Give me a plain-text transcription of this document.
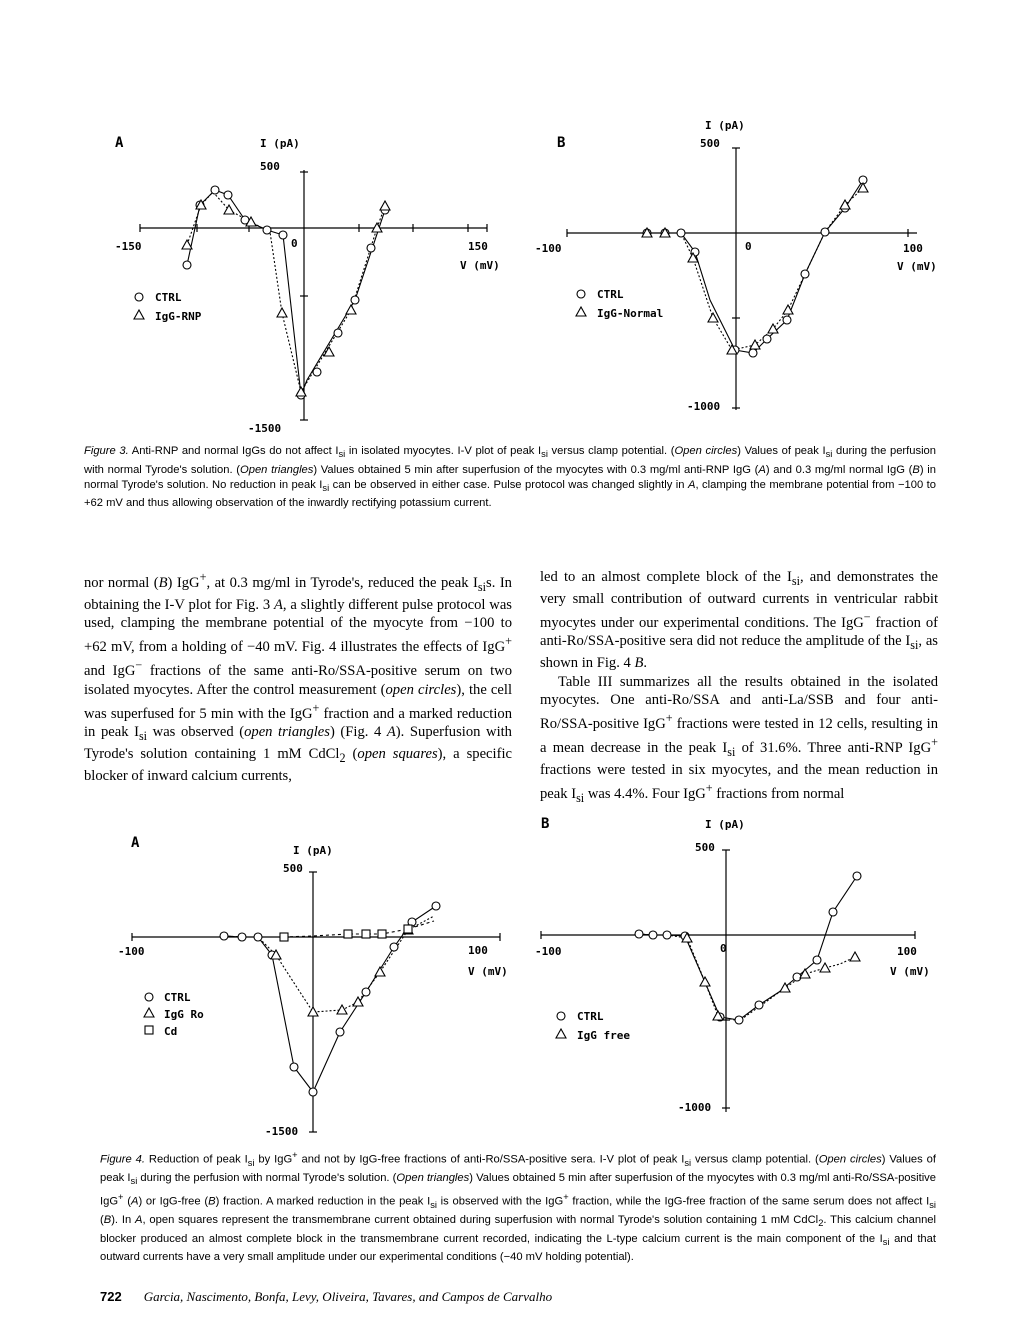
A	I (pA)
500
-1500
-150	0	150
V (mV)
CTRL
IgG-RNP
B
I (pA)
500
-1000
-100	0	100
V (mV)
CTRL
IgG-Normal

Figure 3. Anti-RNP and normal IgGs do not affect $I_{si}$ in isolated myocytes. I-V plot of peak $I_{si}$ versus clamp potential. (Open circles) Values of peak $I_{si}$ during the perfusion with normal Tyrode's solution. (Open triangles) Values obtained 5 min after superfusion of the myocytes with 0.3 mg/ml anti-RNP IgG (A) and 0.3 mg/ml normal IgG (B) in normal Tyrode's solution. No reduction in peak $I_{si}$ can be observed in either case. Pulse protocol was changed slightly in A, clamping the membrane potential from −100 to +62 mV and thus allowing observation of the inwardly rectifying potassium current.

nor normal (B) IgG+, at 0.3 mg/ml in Tyrode's, reduced the peak $I_{si}s$. In obtaining the I-V plot for Fig. 3 A, a slightly different pulse protocol was used, clamping the membrane potential of the myocyte from −100 to +62 mV, from a holding of −40 mV. Fig. 4 illustrates the effects of IgG+ and IgG− fractions of the same anti-Ro/SSA-positive serum on two isolated myocytes. After the control measurement (open circles), the cell was superfused for 5 min with the IgG+ fraction and a marked reduction in peak $I_{si}$ was observed (open triangles) (Fig. 4 A). Superfusion with Tyrode's solution containing 1 mM CdCl$_2$ (open squares), a specific blocker of inward calcium currents,

led to an almost complete block of the $I_{si}$, and demonstrates the very small contribution of outward currents in ventricular rabbit myocytes under our experimental conditions. The IgG− fraction of anti-Ro/SSA-positive sera did not reduce the amplitude of the $I_{si}$, as shown in Fig. 4 B.

Table III summarizes all the results obtained in the isolated myocytes. One anti-Ro/SSA and anti-La/SSB and four anti-Ro/SSA-positive IgG+ fractions were tested in 12 cells, resulting in a mean decrease in the peak $I_{si}$ of 31.6%. Three anti-RNP IgG+ fractions were tested in six myocytes, and the mean reduction in peak $I_{si}$ was 4.4%. Four IgG+ fractions from normal

A	I (pA)
500
-1500
-100	100
V (mV)
CTRL
IgG Ro
Cd
B	I (pA)
500
-1000
-100	0	100
V (mV)
CTRL
IgG free

Figure 4. Reduction of peak $I_{si}$ by IgG+ and not by IgG-free fractions of anti-Ro/SSA-positive sera. I-V plot of peak $I_{si}$ versus clamp potential. (Open circles) Values of peak $I_{si}$ during the perfusion with normal Tyrode's solution. (Open triangles) Values obtained 5 min after superfusion of the myocytes with 0.3 mg/ml anti-Ro/SSA-positive IgG+ (A) or IgG-free (B) fraction. A marked reduction in the peak $I_{si}$ is observed with the IgG+ fraction, while the IgG-free fraction of the same serum does not affect $I_{si}$ (B). In A, open squares represent the transmembrane current obtained during superfusion with normal Tyrode's solution containing 1 mM CdCl$_2$. This calcium channel blocker produced an almost complete block in the transmembrane current recorded, indicating the L-type calcium current is the main component of the $I_{si}$ and that outward currents have a very small amplitude under our experimental conditions (−40 mV holding potential).

722 Garcia, Nascimento, Bonfa, Levy, Oliveira, Tavares, and Campos de Carvalho
